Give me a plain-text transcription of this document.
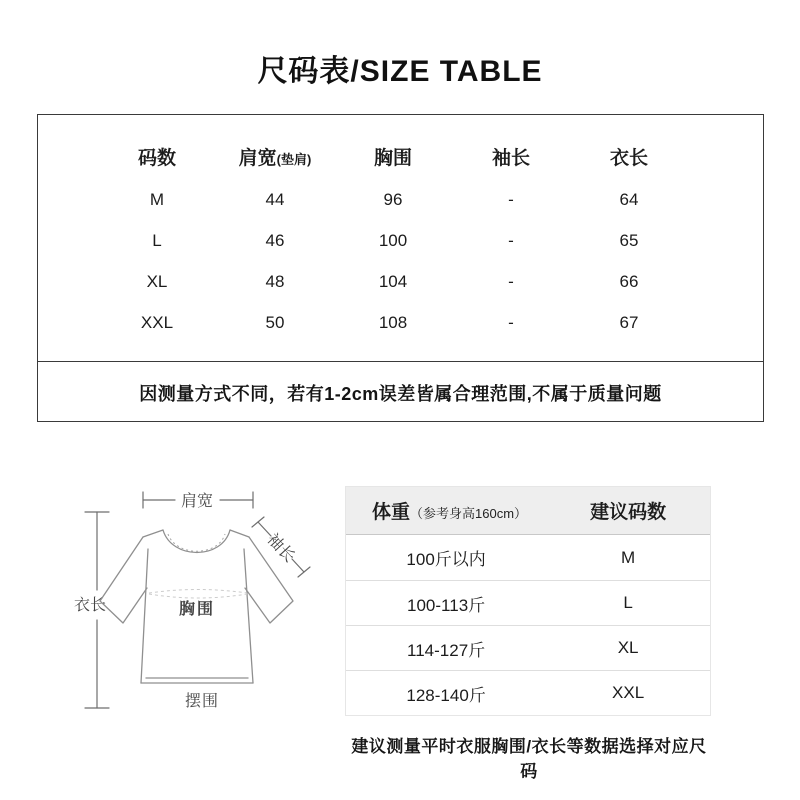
尺码表/SIZE TABLE
码数	肩宽(垫肩)	胸围	袖长	衣长
M	44	96	-	64
L	46	100	-	65
XL	48	104	-	66
XXL	50	108	-	67
因测量方式不同，若有1-2cm误差皆属合理范围,不属于质量问题
肩宽
衣长
袖长
胸围
摆围
体重（参考身高160cm）	建议码数
100斤以内	M
100-113斤	L
114-127斤	XL
128-140斤	XXL
建议测量平时衣服胸围/衣长等数据选择对应尺码
